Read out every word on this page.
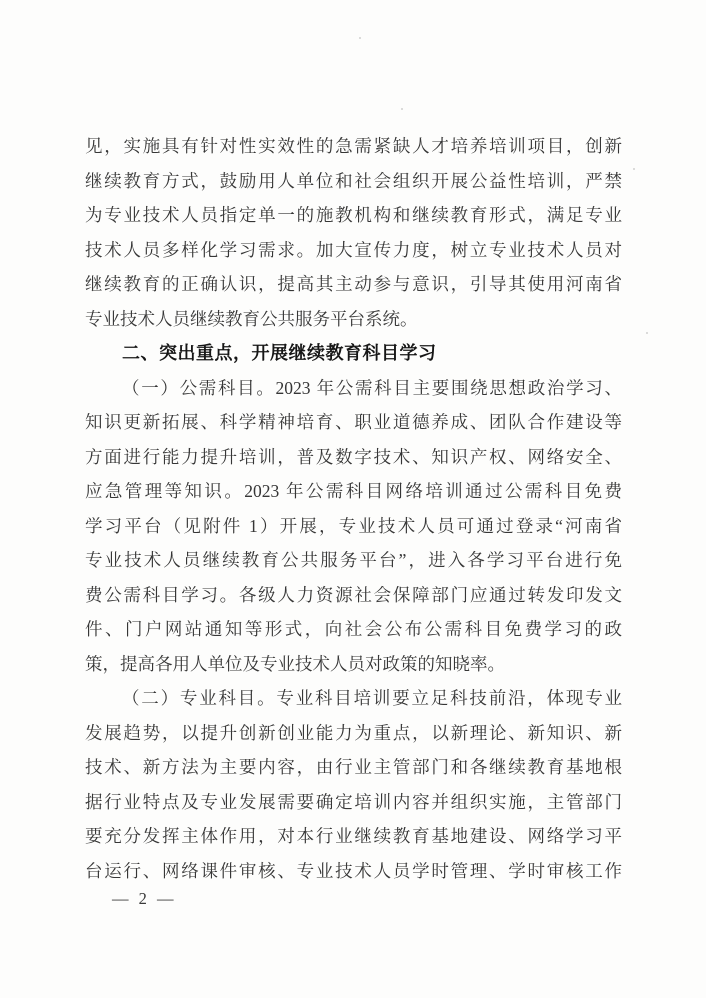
见，实施具有针对性实效性的急需紧缺人才培养培训项目，创新
继续教育方式，鼓励用人单位和社会组织开展公益性培训，严禁
为专业技术人员指定单一的施教机构和继续教育形式，满足专业
技术人员多样化学习需求。加大宣传力度，树立专业技术人员对
继续教育的正确认识，提高其主动参与意识，引导其使用河南省
专业技术人员继续教育公共服务平台系统。
二、突出重点，开展继续教育科目学习
（一）公需科目。2023 年公需科目主要围绕思想政治学习、
知识更新拓展、科学精神培育、职业道德养成、团队合作建设等
方面进行能力提升培训，普及数字技术、知识产权、网络安全、
应急管理等知识。2023 年公需科目网络培训通过公需科目免费
学习平台（见附件 1）开展，专业技术人员可通过登录“河南省
专业技术人员继续教育公共服务平台”，进入各学习平台进行免
费公需科目学习。各级人力资源社会保障部门应通过转发印发文
件、门户网站通知等形式，向社会公布公需科目免费学习的政
策，提高各用人单位及专业技术人员对政策的知晓率。
（二）专业科目。专业科目培训要立足科技前沿，体现专业
发展趋势，以提升创新创业能力为重点，以新理论、新知识、新
技术、新方法为主要内容，由行业主管部门和各继续教育基地根
据行业特点及专业发展需要确定培训内容并组织实施，主管部门
要充分发挥主体作用，对本行业继续教育基地建设、网络学习平
台运行、网络课件审核、专业技术人员学时管理、学时审核工作
— 2 —
